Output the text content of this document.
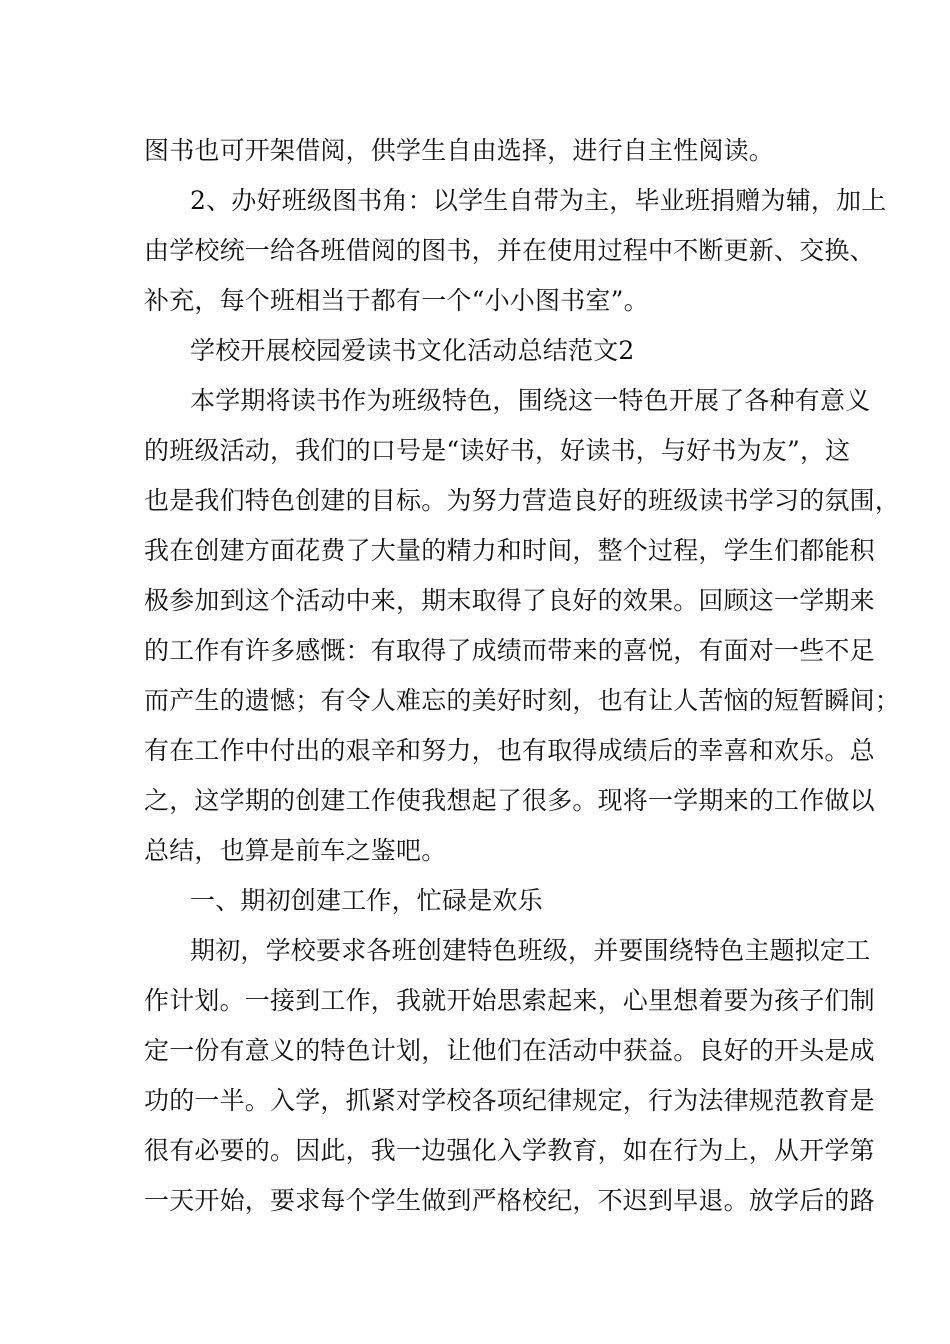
图书也可开架借阅，供学生自由选择，进行自主性阅读。
2、办好班级图书角：以学生自带为主，毕业班捐赠为辅，加上
由学校统一给各班借阅的图书，并在使用过程中不断更新、交换、
补充，每个班相当于都有一个“小小图书室”。
学校开展校园爱读书文化活动总结范文2
本学期将读书作为班级特色，围绕这一特色开展了各种有意义
的班级活动，我们的口号是“读好书，好读书，与好书为友”，这
也是我们特色创建的目标。为努力营造良好的班级读书学习的氛围，
我在创建方面花费了大量的精力和时间，整个过程，学生们都能积
极参加到这个活动中来，期末取得了良好的效果。回顾这一学期来
的工作有许多感慨：有取得了成绩而带来的喜悦，有面对一些不足
而产生的遗憾；有令人难忘的美好时刻，也有让人苦恼的短暂瞬间；
有在工作中付出的艰辛和努力，也有取得成绩后的幸喜和欢乐。总
之，这学期的创建工作使我想起了很多。现将一学期来的工作做以
总结，也算是前车之鉴吧。
一、期初创建工作，忙碌是欢乐
期初，学校要求各班创建特色班级，并要围绕特色主题拟定工
作计划。一接到工作，我就开始思索起来，心里想着要为孩子们制
定一份有意义的特色计划，让他们在活动中获益。良好的开头是成
功的一半。入学，抓紧对学校各项纪律规定，行为法律规范教育是
很有必要的。因此，我一边强化入学教育，如在行为上，从开学第
一天开始，要求每个学生做到严格校纪，不迟到早退。放学后的路
